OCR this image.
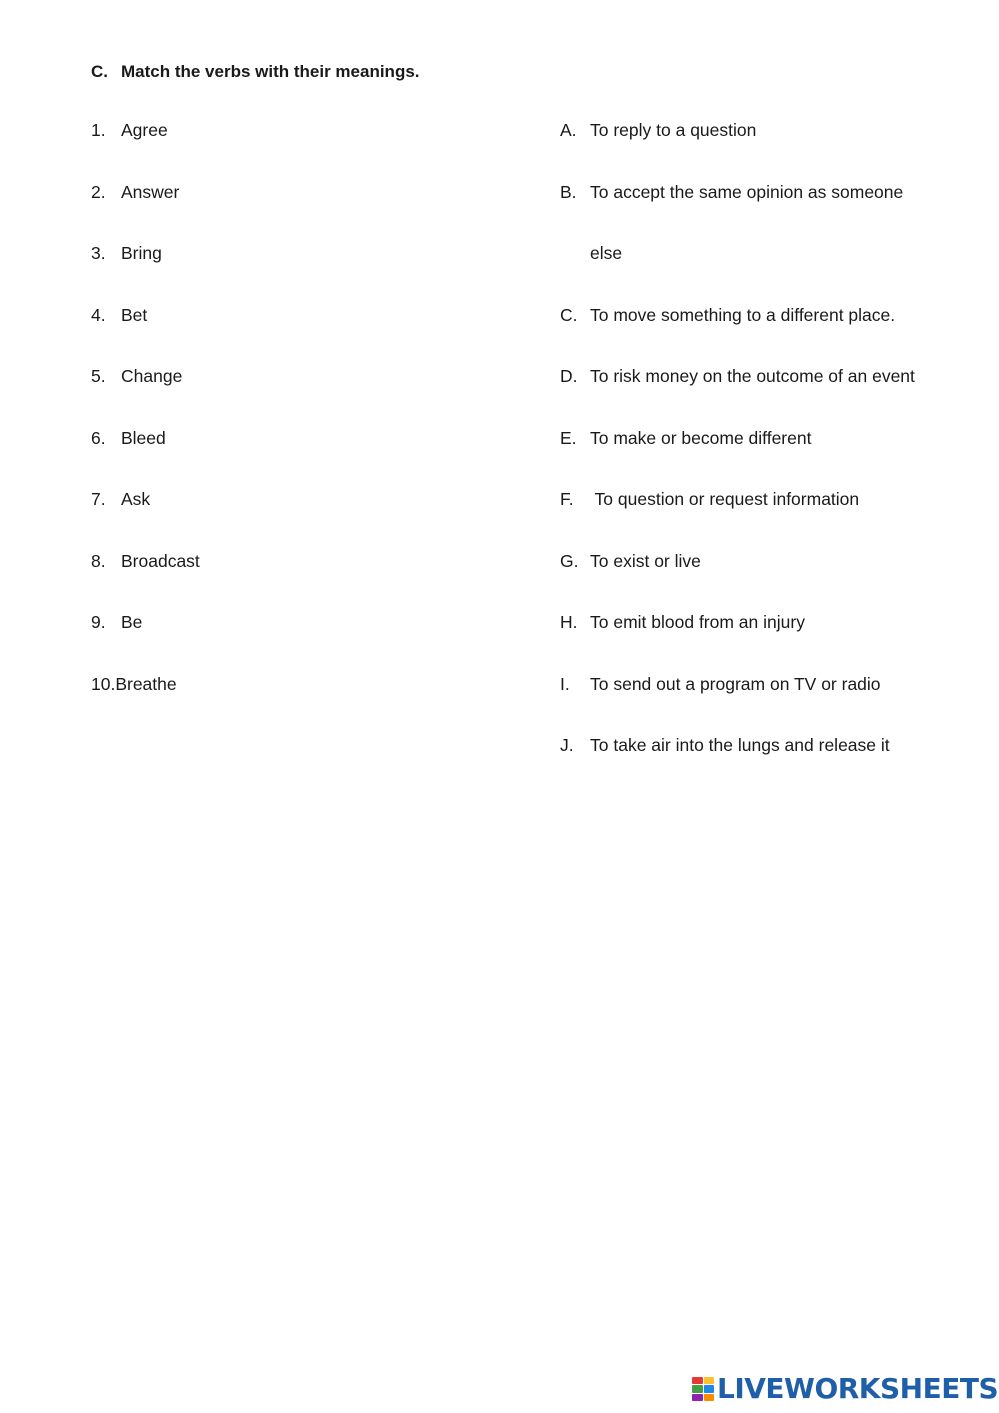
C. Match the verbs with their meanings.
1. Agree
2. Answer
3. Bring
4. Bet
5. Change
6. Bleed
7. Ask
8. Broadcast
9. Be
10.Breathe
A. To reply to a question
B. To accept the same opinion as someone
else
C. To move something to a different place.
D. To risk money on the outcome of an event
E. To make or become different
F. To question or request information
G. To exist or live
H. To emit blood from an injury
I. To send out a program on TV or radio
J. To take air into the lungs and release it
LIVEWORKSHEETS
